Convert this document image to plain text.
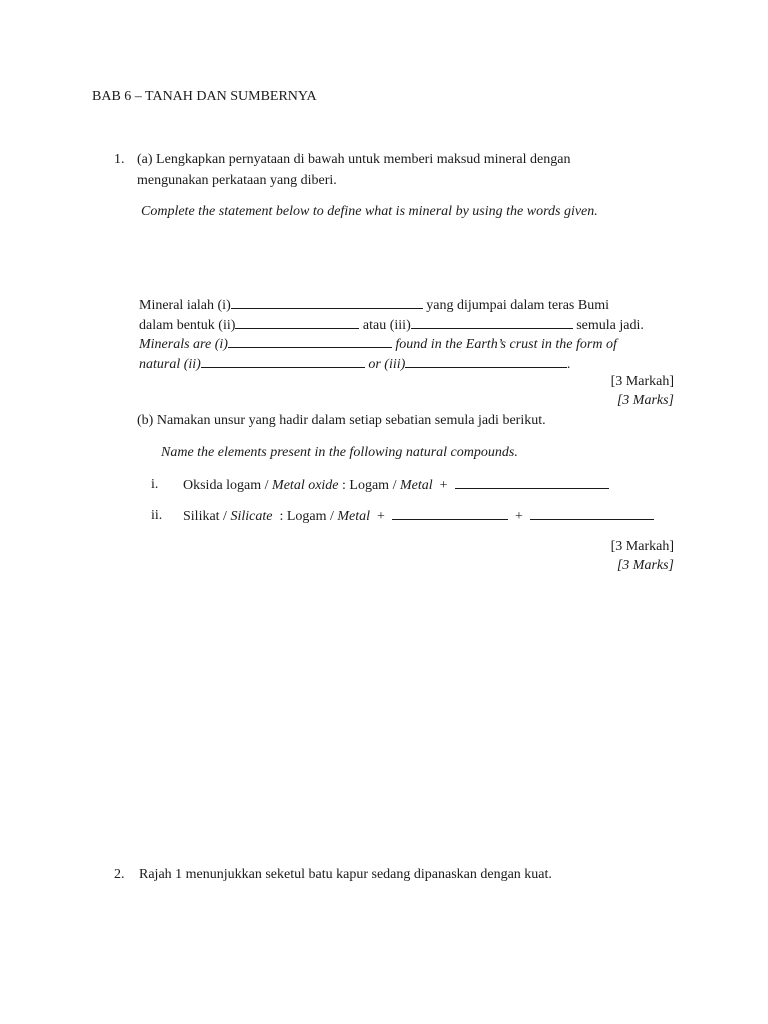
BAB 6 – TANAH DAN SUMBERNYA
1. (a) Lengkapkan pernyataan di bawah untuk memberi maksud mineral dengan
mengunakan perkataan yang diberi.
Complete the statement below to define what is mineral by using the words given.
Mineral ialah (i)	yang dijumpai dalam teras Bumi
dalam bentuk (ii)	atau (iii)	semula jadi.
Minerals are (i)	found in the Earth’s crust in the form of
natural (ii)	or (iii)	.
[3 Markah]
[3 Marks]
(b) Namakan unsur yang hadir dalam setiap sebatian semula jadi berikut.
Name the elements present in the following natural compounds.
i. Oksida logam / Metal oxide : Logam / Metal  +
ii. Silikat / Silicate  : Logam / Metal  +	+
[3 Markah]
[3 Marks]
2. Rajah 1 menunjukkan seketul batu kapur sedang dipanaskan dengan kuat.
